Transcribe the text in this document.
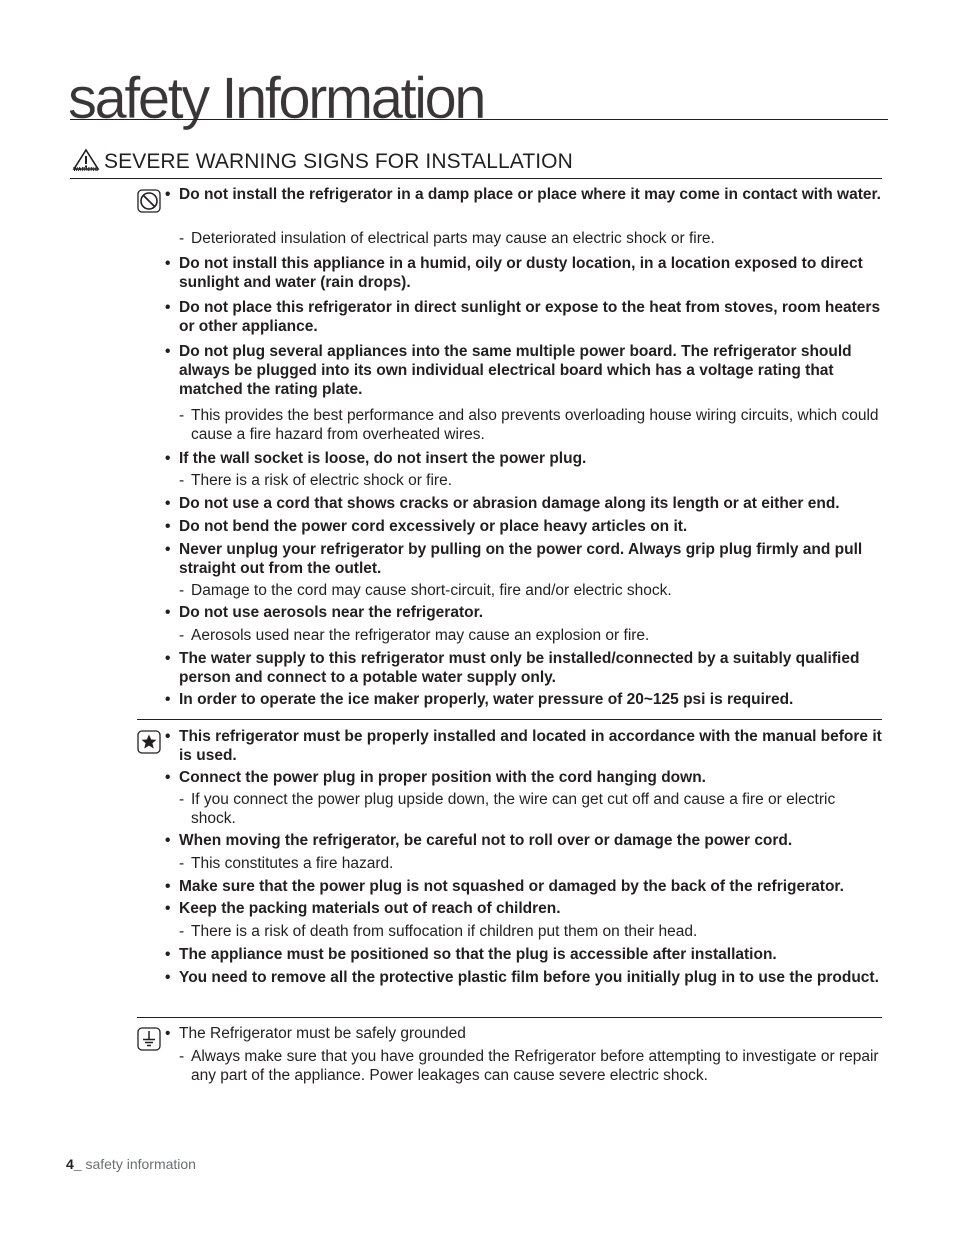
safety Information
WARNING SEVERE WARNING SIGNS FOR INSTALLATION
• Do not install the refrigerator in a damp place or place where it may come in contact with water.
- Deteriorated insulation of electrical parts may cause an electric shock or fire.
• Do not install this appliance in a humid, oily or dusty location, in a location exposed to direct sunlight and water (rain drops).
• Do not place this refrigerator in direct sunlight or expose to the heat from stoves, room heaters or other appliance.
• Do not plug several appliances into the same multiple power board. The refrigerator should always be plugged into its own individual electrical board which has a voltage rating that matched the rating plate.
- This provides the best performance and also prevents overloading house wiring circuits, which could cause a fire hazard from overheated wires.
• If the wall socket is loose, do not insert the power plug.
- There is a risk of electric shock or fire.
• Do not use a cord that shows cracks or abrasion damage along its length or at either end.
• Do not bend the power cord excessively or place heavy articles on it.
• Never unplug your refrigerator by pulling on the power cord. Always grip plug firmly and pull straight out from the outlet.
- Damage to the cord may cause short-circuit, fire and/or electric shock.
• Do not use aerosols near the refrigerator.
- Aerosols used near the refrigerator may cause an explosion or fire.
• The water supply to this refrigerator must only be installed/connected by a suitably qualified person and connect to a potable water supply only.
• In order to operate the ice maker properly, water pressure of 20~125 psi is required.
• This refrigerator must be properly installed and located in accordance with the manual before it is used.
• Connect the power plug in proper position with the cord hanging down.
- If you connect the power plug upside down, the wire can get cut off and cause a fire or electric shock.
• When moving the refrigerator, be careful not to roll over or damage the power cord.
- This constitutes a fire hazard.
• Make sure that the power plug is not squashed or damaged by the back of the refrigerator.
• Keep the packing materials out of reach of children.
- There is a risk of death from suffocation if children put them on their head.
• The appliance must be positioned so that the plug is accessible after installation.
• You need to remove all the protective plastic film before you initially plug in to use the product.
• The Refrigerator must be safely grounded
- Always make sure that you have grounded the Refrigerator before attempting to investigate or repair any part of the appliance. Power leakages can cause severe electric shock.
4_ safety information
